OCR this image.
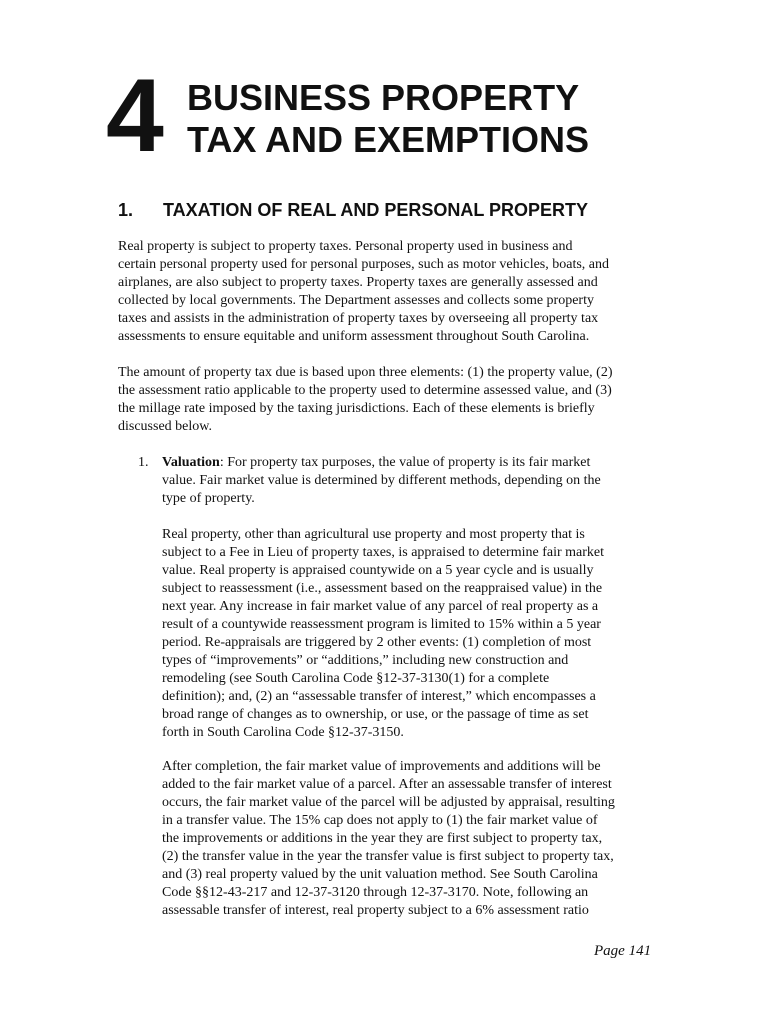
4 BUSINESS PROPERTY
TAX AND EXEMPTIONS
1. TAXATION OF REAL AND PERSONAL PROPERTY
Real property is subject to property taxes. Personal property used in business and
certain personal property used for personal purposes, such as motor vehicles, boats, and
airplanes, are also subject to property taxes. Property taxes are generally assessed and
collected by local governments. The Department assesses and collects some property
taxes and assists in the administration of property taxes by overseeing all property tax
assessments to ensure equitable and uniform assessment throughout South Carolina.
The amount of property tax due is based upon three elements: (1) the property value, (2)
the assessment ratio applicable to the property used to determine assessed value, and (3)
the millage rate imposed by the taxing jurisdictions. Each of these elements is briefly
discussed below.
1. Valuation: For property tax purposes, the value of property is its fair market
value. Fair market value is determined by different methods, depending on the
type of property.
Real property, other than agricultural use property and most property that is
subject to a Fee in Lieu of property taxes, is appraised to determine fair market
value. Real property is appraised countywide on a 5 year cycle and is usually
subject to reassessment (i.e., assessment based on the reappraised value) in the
next year. Any increase in fair market value of any parcel of real property as a
result of a countywide reassessment program is limited to 15% within a 5 year
period. Re-appraisals are triggered by 2 other events: (1) completion of most
types of “improvements” or “additions,” including new construction and
remodeling (see South Carolina Code §12-37-3130(1) for a complete
definition); and, (2) an “assessable transfer of interest,” which encompasses a
broad range of changes as to ownership, or use, or the passage of time as set
forth in South Carolina Code §12-37-3150.
After completion, the fair market value of improvements and additions will be
added to the fair market value of a parcel. After an assessable transfer of interest
occurs, the fair market value of the parcel will be adjusted by appraisal, resulting
in a transfer value. The 15% cap does not apply to (1) the fair market value of
the improvements or additions in the year they are first subject to property tax,
(2) the transfer value in the year the transfer value is first subject to property tax,
and (3) real property valued by the unit valuation method. See South Carolina
Code §§12-43-217 and 12-37-3120 through 12-37-3170. Note, following an
assessable transfer of interest, real property subject to a 6% assessment ratio
Page 141
